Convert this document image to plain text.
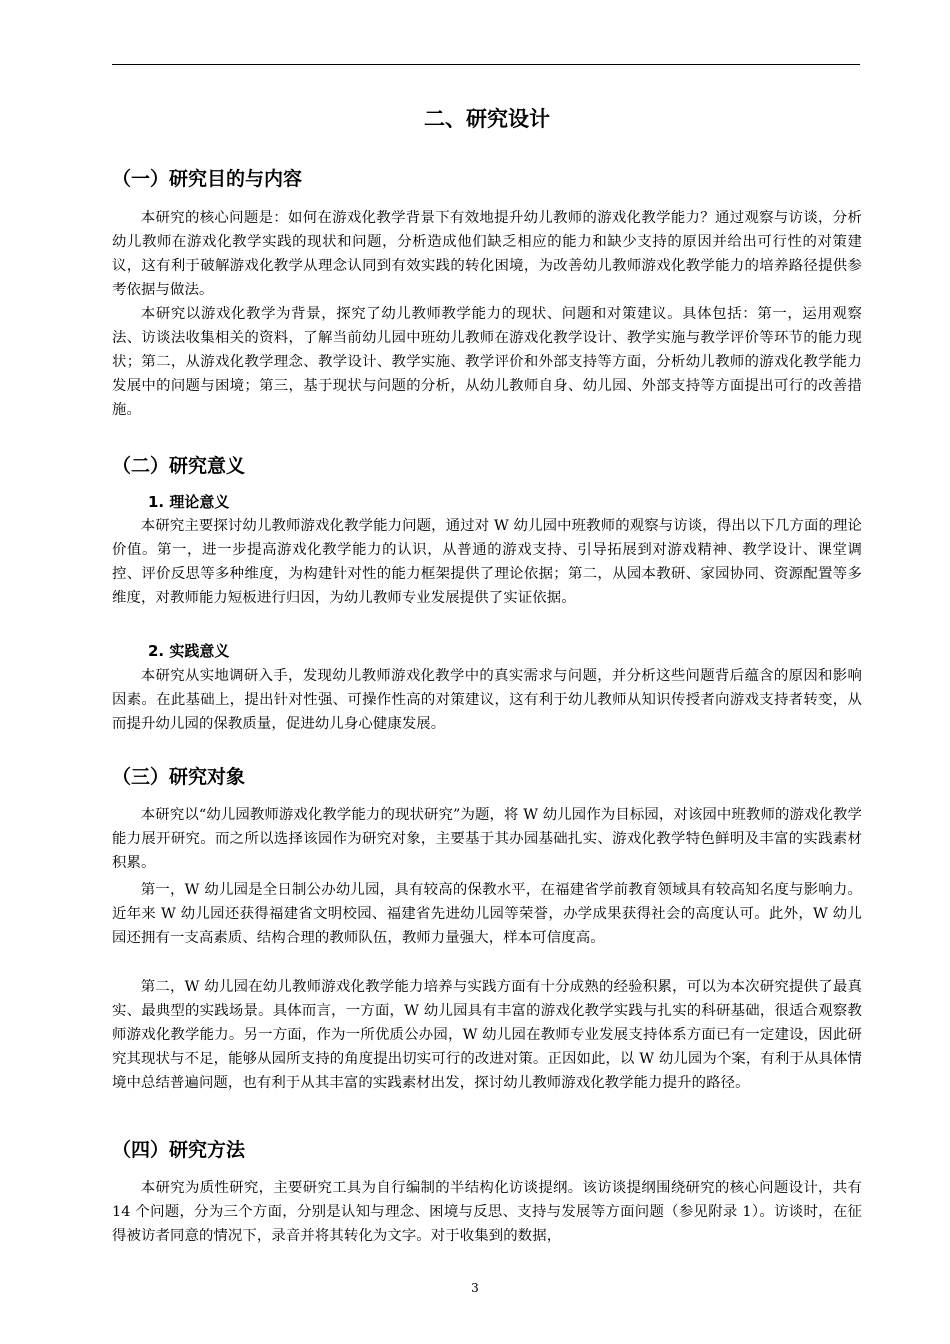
二、研究设计
（一）研究目的与内容

本研究的核心问题是：如何在游戏化教学背景下有效地提升幼儿教师的游戏化教学能力？通过观察与访谈，分析幼儿教师在游戏化教学实践的现状和问题，分析造成他们缺乏相应的能力和缺少支持的原因并给出可行性的对策建议，这有利于破解游戏化教学从理念认同到有效实践的转化困境，为改善幼儿教师游戏化教学能力的培养路径提供参考依据与做法。

本研究以游戏化教学为背景，探究了幼儿教师教学能力的现状、问题和对策建议。具体包括：第一，运用观察法、访谈法收集相关的资料，了解当前幼儿园中班幼儿教师在游戏化教学设计、教学实施与教学评价等环节的能力现状；第二，从游戏化教学理念、教学设计、教学实施、教学评价和外部支持等方面，分析幼儿教师的游戏化教学能力发展中的问题与困境；第三，基于现状与问题的分析，从幼儿教师自身、幼儿园、外部支持等方面提出可行的改善措施。

（二）研究意义
1. 理论意义

本研究主要探讨幼儿教师游戏化教学能力问题，通过对 W 幼儿园中班教师的观察与访谈，得出以下几方面的理论价值。第一，进一步提高游戏化教学能力的认识，从普通的游戏支持、引导拓展到对游戏精神、教学设计、课堂调控、评价反思等多种维度，为构建针对性的能力框架提供了理论依据；第二，从园本教研、家园协同、资源配置等多维度，对教师能力短板进行归因，为幼儿教师专业发展提供了实证依据。

2. 实践意义

本研究从实地调研入手，发现幼儿教师游戏化教学中的真实需求与问题，并分析这些问题背后蕴含的原因和影响因素。在此基础上，提出针对性强、可操作性高的对策建议，这有利于幼儿教师从知识传授者向游戏支持者转变，从而提升幼儿园的保教质量，促进幼儿身心健康发展。

（三）研究对象

本研究以“幼儿园教师游戏化教学能力的现状研究”为题，将 W 幼儿园作为目标园，对该园中班教师的游戏化教学能力展开研究。而之所以选择该园作为研究对象，主要基于其办园基础扎实、游戏化教学特色鲜明及丰富的实践素材积累。

第一，W 幼儿园是全日制公办幼儿园，具有较高的保教水平，在福建省学前教育领域具有较高知名度与影响力。近年来 W 幼儿园还获得福建省文明校园、福建省先进幼儿园等荣誉，办学成果获得社会的高度认可。此外，W 幼儿园还拥有一支高素质、结构合理的教师队伍，教师力量强大，样本可信度高。

第二，W 幼儿园在幼儿教师游戏化教学能力培养与实践方面有十分成熟的经验积累，可以为本次研究提供了最真实、最典型的实践场景。具体而言，一方面，W 幼儿园具有丰富的游戏化教学实践与扎实的科研基础，很适合观察教师游戏化教学能力。另一方面，作为一所优质公办园，W 幼儿园在教师专业发展支持体系方面已有一定建设，因此研究其现状与不足，能够从园所支持的角度提出切实可行的改进对策。正因如此，以 W 幼儿园为个案，有利于从具体情境中总结普遍问题，也有利于从其丰富的实践素材出发，探讨幼儿教师游戏化教学能力提升的路径。

（四）研究方法

本研究为质性研究，主要研究工具为自行编制的半结构化访谈提纲。该访谈提纲围绕研究的核心问题设计，共有 14 个问题，分为三个方面，分别是认知与理念、困境与反思、支持与发展等方面问题（参见附录 1）。访谈时，在征得被访者同意的情况下，录音并将其转化为文字。对于收集到的数据，

3
